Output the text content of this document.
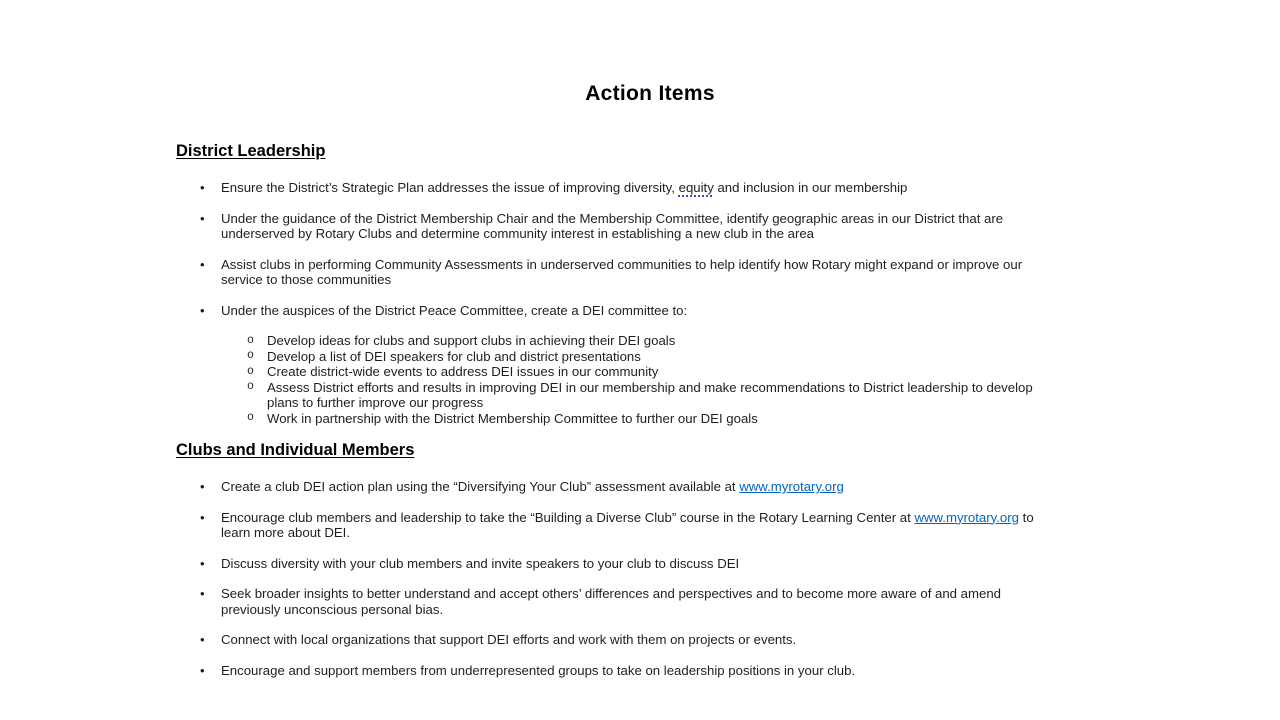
Action Items
District Leadership
• Ensure the District’s Strategic Plan addresses the issue of improving diversity, equity and inclusion in our membership
• Under the guidance of the District Membership Chair and the Membership Committee, identify geographic areas in our District that are
underserved by Rotary Clubs and determine community interest in establishing a new club in the area
• Assist clubs in performing Community Assessments in underserved communities to help identify how Rotary might expand or improve our
service to those communities
• Under the auspices of the District Peace Committee, create a DEI committee to:
o Develop ideas for clubs and support clubs in achieving their DEI goals
o Develop a list of DEI speakers for club and district presentations
o Create district-wide events to address DEI issues in our community
o Assess District efforts and results in improving DEI in our membership and make recommendations to District leadership to develop
plans to further improve our progress
o Work in partnership with the District Membership Committee to further our DEI goals
Clubs and Individual Members
• Create a club DEI action plan using the “Diversifying Your Club” assessment available at www.myrotary.org
• Encourage club members and leadership to take the “Building a Diverse Club” course in the Rotary Learning Center at www.myrotary.org to
learn more about DEI.
• Discuss diversity with your club members and invite speakers to your club to discuss DEI
• Seek broader insights to better understand and accept others’ differences and perspectives and to become more aware of and amend
previously unconscious personal bias.
• Connect with local organizations that support DEI efforts and work with them on projects or events.
• Encourage and support members from underrepresented groups to take on leadership positions in your club.
